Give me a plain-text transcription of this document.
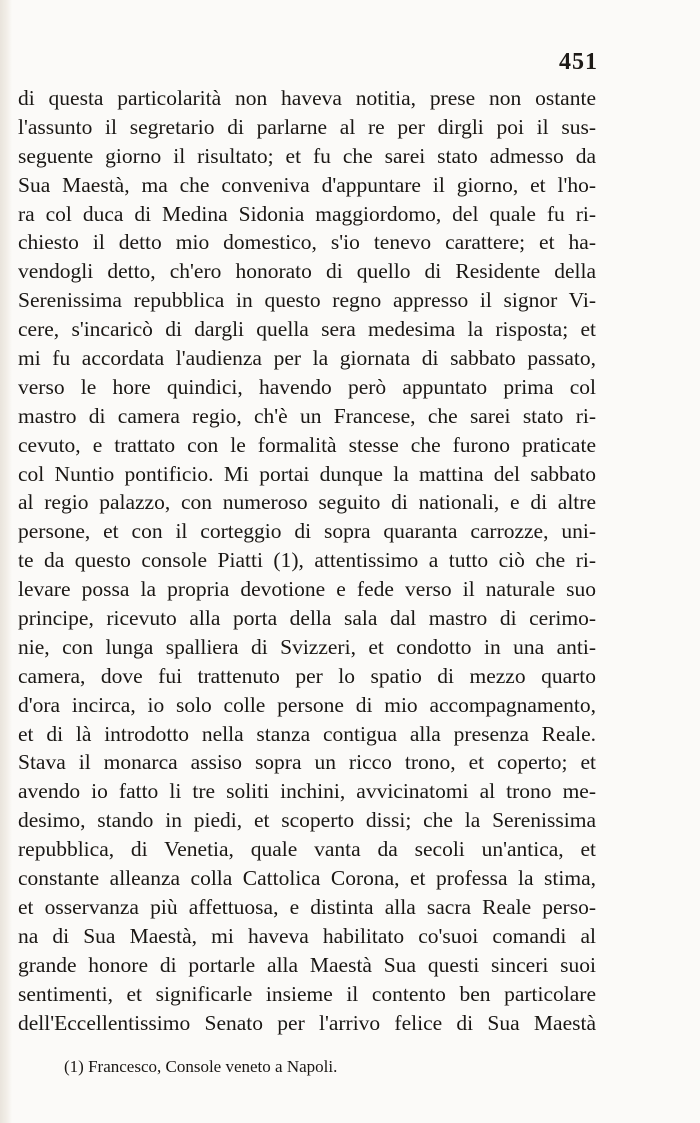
451
di questa particolarità non haveva notitia, prese non ostante
l'assunto il segretario di parlarne al re per dirgli poi il sus-
seguente giorno il risultato; et fu che sarei stato admesso da
Sua Maestà, ma che conveniva d'appuntare il giorno, et l'ho-
ra col duca di Medina Sidonia maggiordomo, del quale fu ri-
chiesto il detto mio domestico, s'io tenevo carattere; et ha-
vendogli detto, ch'ero honorato di quello di Residente della
Serenissima repubblica in questo regno appresso il signor Vi-
cere, s'incaricò di dargli quella sera medesima la risposta; et
mi fu accordata l'audienza per la giornata di sabbato passato,
verso le hore quindici, havendo però appuntato prima col
mastro di camera regio, ch'è un Francese, che sarei stato ri-
cevuto, e trattato con le formalità stesse che furono praticate
col Nuntio pontificio. Mi portai dunque la mattina del sabbato
al regio palazzo, con numeroso seguito di nationali, e di altre
persone, et con il corteggio di sopra quaranta carrozze, uni-
te da questo console Piatti (1), attentissimo a tutto ciò che ri-
levare possa la propria devotione e fede verso il naturale suo
principe, ricevuto alla porta della sala dal mastro di cerimo-
nie, con lunga spalliera di Svizzeri, et condotto in una anti-
camera, dove fui trattenuto per lo spatio di mezzo quarto
d'ora incirca, io solo colle persone di mio accompagnamento,
et di là introdotto nella stanza contigua alla presenza Reale.
Stava il monarca assiso sopra un ricco trono, et coperto; et
avendo io fatto li tre soliti inchini, avvicinatomi al trono me-
desimo, stando in piedi, et scoperto dissi; che la Serenissima
repubblica, di Venetia, quale vanta da secoli un'antica, et
constante alleanza colla Cattolica Corona, et professa la stima,
et osservanza più affettuosa, e distinta alla sacra Reale perso-
na di Sua Maestà, mi haveva habilitato co'suoi comandi al
grande honore di portarle alla Maestà Sua questi sinceri suoi
sentimenti, et significarle insieme il contento ben particolare
dell'Eccellentissimo Senato per l'arrivo felice di Sua Maestà
(1) Francesco, Console veneto a Napoli.
